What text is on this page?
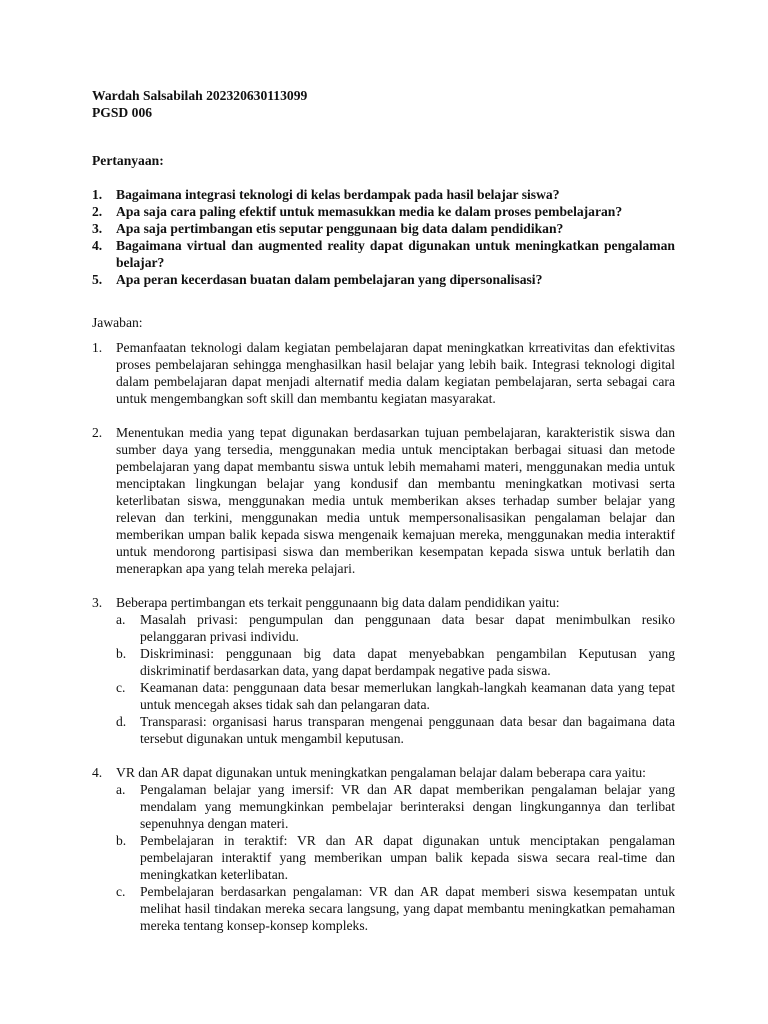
Wardah Salsabilah 202320630113099
PGSD 006
Pertanyaan:
1. Bagaimana integrasi teknologi di kelas berdampak pada hasil belajar siswa?
2. Apa saja cara paling efektif untuk memasukkan media ke dalam proses pembelajaran?
3. Apa saja pertimbangan etis seputar penggunaan big data dalam pendidikan?
4. Bagaimana virtual dan augmented reality dapat digunakan untuk meningkatkan pengalaman belajar?
5. Apa peran kecerdasan buatan dalam pembelajaran yang dipersonalisasi?
Jawaban:
1. Pemanfaatan teknologi dalam kegiatan pembelajaran dapat meningkatkan krreativitas dan efektivitas proses pembelajaran sehingga menghasilkan hasil belajar yang lebih baik. Integrasi teknologi digital dalam pembelajaran dapat menjadi alternatif media dalam kegiatan pembelajaran, serta sebagai cara untuk mengembangkan soft skill dan membantu kegiatan masyarakat.
2. Menentukan media yang tepat digunakan berdasarkan tujuan pembelajaran, karakteristik siswa dan sumber daya yang tersedia, menggunakan media untuk menciptakan berbagai situasi dan metode pembelajaran yang dapat membantu siswa untuk lebih memahami materi, menggunakan media untuk menciptakan lingkungan belajar yang kondusif dan membantu meningkatkan motivasi serta keterlibatan siswa, menggunakan media untuk memberikan akses terhadap sumber belajar yang relevan dan terkini, menggunakan media untuk mempersonalisasikan pengalaman belajar dan memberikan umpan balik kepada siswa mengenaik kemajuan mereka, menggunakan media interaktif untuk mendorong partisipasi siswa dan memberikan kesempatan kepada siswa untuk berlatih dan menerapkan apa yang telah mereka pelajari.
3. Beberapa pertimbangan ets terkait penggunaann big data dalam pendidikan yaitu:
a. Masalah privasi: pengumpulan dan penggunaan data besar dapat menimbulkan resiko pelanggaran privasi individu.
b. Diskriminasi: penggunaan big data dapat menyebabkan pengambilan Keputusan yang diskriminatif berdasarkan data, yang dapat berdampak negative pada siswa.
c. Keamanan data: penggunaan data besar memerlukan langkah-langkah keamanan data yang tepat untuk mencegah akses tidak sah dan pelangaran data.
d. Transparasi: organisasi harus transparan mengenai penggunaan data besar dan bagaimana data tersebut digunakan untuk mengambil keputusan.
4. VR dan AR dapat digunakan untuk meningkatkan pengalaman belajar dalam beberapa cara yaitu:
a. Pengalaman belajar yang imersif: VR dan AR dapat memberikan pengalaman belajar yang mendalam yang memungkinkan pembelajar berinteraksi dengan lingkungannya dan terlibat sepenuhnya dengan materi.
b. Pembelajaran in teraktif: VR dan AR dapat digunakan untuk menciptakan pengalaman pembelajaran interaktif yang memberikan umpan balik kepada siswa secara real-time dan meningkatkan keterlibatan.
c. Pembelajaran berdasarkan pengalaman: VR dan AR dapat memberi siswa kesempatan untuk melihat hasil tindakan mereka secara langsung, yang dapat membantu meningkatkan pemahaman mereka tentang konsep-konsep kompleks.
